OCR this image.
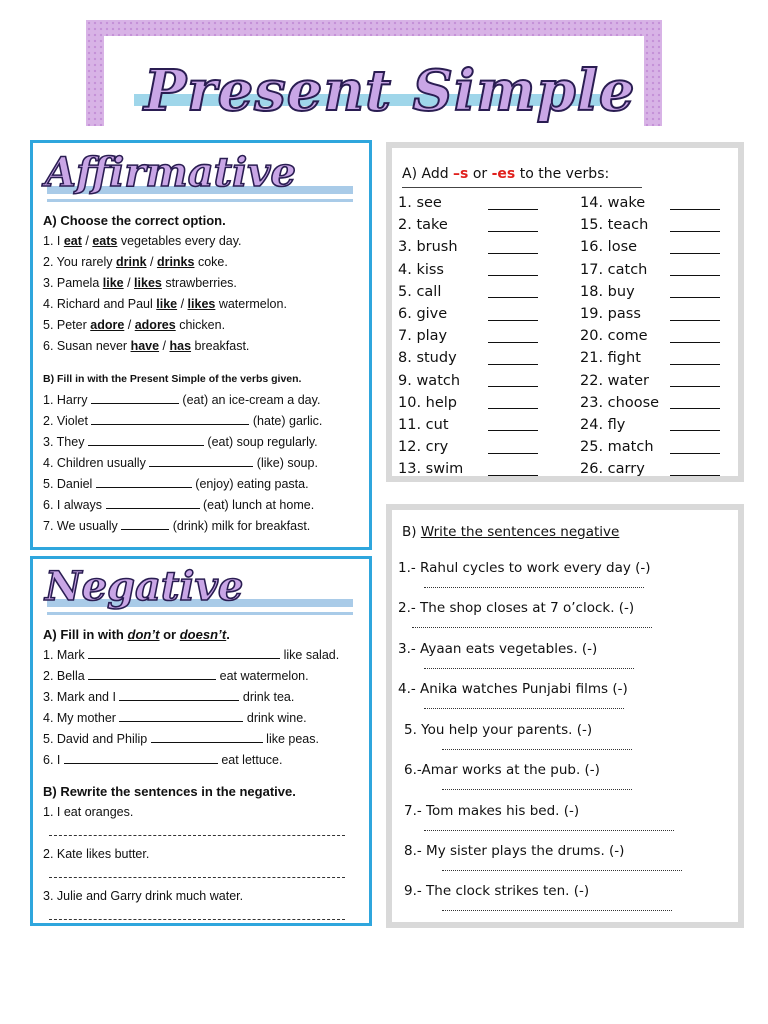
Present Simple
Affirmative
A) Choose the correct option.
1. I eat / eats vegetables every day.
2. You rarely drink / drinks coke.
3. Pamela like / likes strawberries.
4. Richard and Paul like / likes watermelon.
5. Peter adore / adores chicken.
6. Susan never have / has breakfast.
B) Fill in with the Present Simple of the verbs given.
1. Harry	(eat) an ice-cream a day.
2. Violet	(hate) garlic.
3. They	(eat) soup regularly.
4. Children usually	(like) soup.
5. Daniel	(enjoy) eating pasta.
6. I always	(eat) lunch at home.
7. We usually	(drink) milk for breakfast.
Negative
A) Fill in with don’t or doesn’t.
1. Mark	like salad.
2. Bella	eat watermelon.
3. Mark and I	drink tea.
4. My mother	drink wine.
5. David and Philip	like peas.
6. I	eat lettuce.
B) Rewrite the sentences in the negative.
1. I eat oranges.
2. Kate likes butter.
3. Julie and Garry drink much water.
A) Add –s or -es to the verbs:
1. see
2. take
3. brush
4. kiss
5. call
6. give
7. play
8. study
9. watch
10. help
11. cut
12. cry
13. swim
14. wake
15. teach
16. lose
17. catch
18. buy
19. pass
20. come
21. fight
22. water
23. choose
24. fly
25. match
26. carry
B) Write the sentences negative
1.- Rahul cycles to work every day (-)
2.- The shop closes at 7 o’clock. (-)
3.- Ayaan eats vegetables. (-)
4.- Anika watches Punjabi films (-)
5. You help your parents. (-)
6.-Amar works at the pub. (-)
7.- Tom makes his bed. (-)
8.- My sister plays the drums. (-)
9.- The clock strikes ten. (-)
